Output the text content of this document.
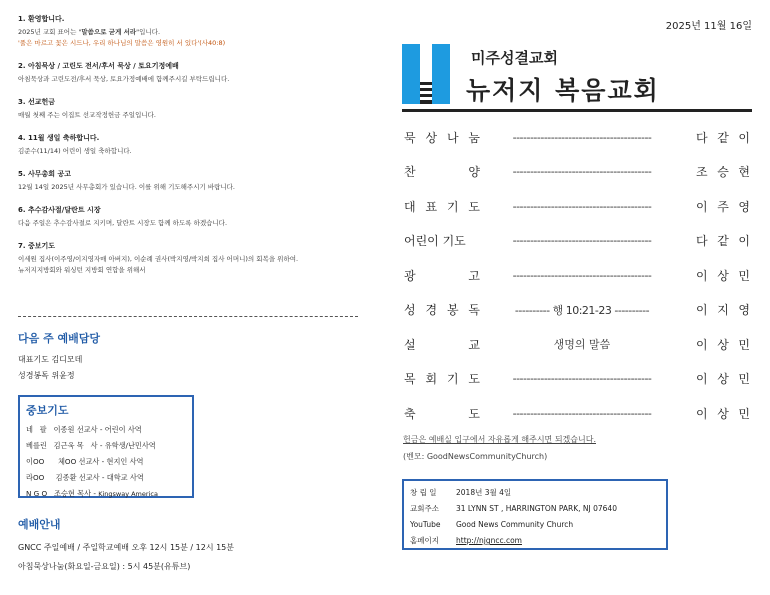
1. 환영합니다.
2025년 교회 표어는 "말씀으로 굳게 서라"입니다.
'풀은 마르고 꽃은 시드나, 우리 하나님의 말씀은 영원히 서 있다'(사40:8)
2. 아침묵상 / 고린도 전서/후서 묵상 / 토요기정예배
아침묵상과 고린도전/후서 묵상, 토요가정예배에 함께주시길 부탁드립니다.
3. 선교헌금
매월 첫째 주는 이집트 선교작정헌금 주일입니다.
4. 11월 생일 축하합니다.
김준수(11/14) 어린이 생일 축하합니다.
5. 사무총회 공고
12월 14일 2025년 사무총회가 있습니다. 이를 위해 기도해주시기 바랍니다.
6. 추수감사절/달란트 시장
다음 주일은 추수감사절로 지키며, 달란트 시장도 함께 하도록 하겠습니다.
7. 중보기도
이세원 집사(이주영/이지영자매 아버지), 이순례 권사(박지영/박지희 집사 어머니)의 회복을 위하여.
뉴저지지방회와 워싱턴 지방회 연합을 위해서
다음 주 예배담당
대표기도 김디모데
성경봉독 위윤정
중보기도
네   팔   이종원 선교사 - 어린이 사역
베를린   김근욱 목   사 - 유학생/난민사역
이OO      체OO 선교사 - 현지인 사역
라OO     김종환 선교사 - 대학교 사역
N G O   조승현 목사 - Kingsway America
예배안내
GNCC 주일예배 / 주일학교예배 오후 12시 15분 / 12시 15분
아침묵상나눔(화요일-금요일) : 5시 45분(유튜브)
2025년 11월 16일
미주성결교회
뉴저지 복음교회
묵 상 나 눔	----------------------------------------	다 같 이
찬	양	----------------------------------------	조 승 현
대 표 기 도	----------------------------------------	이 주 영
어린이 기도	----------------------------------------	다 같 이
광	고	----------------------------------------	이 상 민
성 경 봉 독	---------- 행 10:21-23 ----------	이 지 영
설	교	생명의 말씀	이 상 민
목 회 기 도	----------------------------------------	이 상 민
축	도	----------------------------------------	이 상 민
헌금은 예배실 입구에서 자유롭게 해주시면 되겠습니다.
(벤모: GoodNewsCommunityChurch)
창 립 일	2018년 3월 4일
교회주소	31 LYNN ST , HARRINGTON PARK, NJ 07640
YouTube	Good News Community Church
홈페이지	http://njgncc.com
